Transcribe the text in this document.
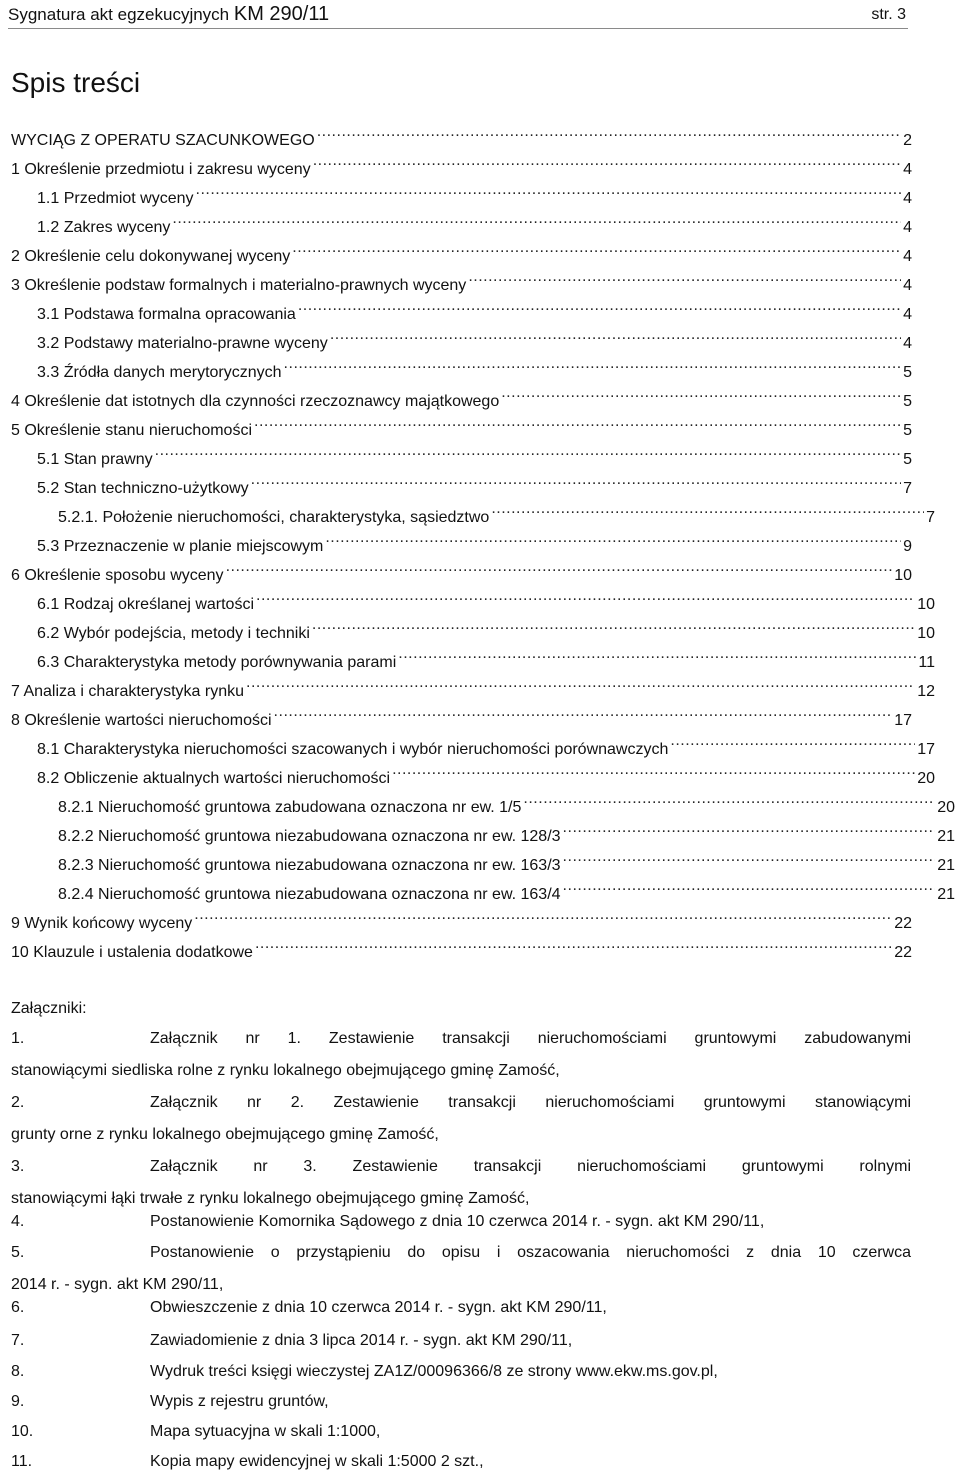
Sygnatura akt egzekucyjnych KM 290/11	str. 3
Spis treści
WYCIĄG Z OPERATU SZACUNKOWEGO .....	2
1 Określenie przedmiotu i zakresu wyceny .....	4
1.1 Przedmiot wyceny .....	4
1.2 Zakres wyceny .....	4
2 Określenie celu dokonywanej wyceny .....	4
3 Określenie podstaw formalnych i materialno-prawnych wyceny .....	4
3.1 Podstawa formalna opracowania .....	4
3.2 Podstawy materialno-prawne wyceny .....	4
3.3 Źródła danych merytorycznych .....	5
4 Określenie dat istotnych dla czynności rzeczoznawcy majątkowego .....	5
5 Określenie stanu nieruchomości .....	5
5.1 Stan prawny .....	5
5.2 Stan techniczno-użytkowy .....	7
5.2.1. Położenie nieruchomości, charakterystyka, sąsiedztwo .....	7
5.3 Przeznaczenie w planie miejscowym .....	9
6 Określenie sposobu wyceny .....	10
6.1 Rodzaj określanej wartości .....	10
6.2 Wybór podejścia, metody i techniki .....	10
6.3 Charakterystyka metody porównywania parami .....	11
7 Analiza i charakterystyka rynku .....	12
8 Określenie wartości nieruchomości .....	17
8.1 Charakterystyka nieruchomości szacowanych i wybór nieruchomości porównawczych .....	17
8.2 Obliczenie aktualnych wartości nieruchomości .....	20
8.2.1 Nieruchomość gruntowa zabudowana oznaczona nr ew. 1/5 .....	20
8.2.2 Nieruchomość gruntowa niezabudowana oznaczona nr ew. 128/3 .....	21
8.2.3 Nieruchomość gruntowa niezabudowana oznaczona nr ew. 163/3 .....	21
8.2.4 Nieruchomość gruntowa niezabudowana oznaczona nr ew. 163/4 .....	21
9 Wynik końcowy wyceny .....	22
10 Klauzule i ustalenia dodatkowe .....	22
Załączniki:
1.	Załącznik nr 1. Zestawienie transakcji nieruchomościami gruntowymi zabudowanymi
stanowiącymi siedliska rolne z rynku lokalnego obejmującego gminę Zamość,
2.	Załącznik nr 2. Zestawienie transakcji nieruchomościami gruntowymi stanowiącymi
grunty orne z rynku lokalnego obejmującego gminę Zamość,
3.	Załącznik nr 3. Zestawienie transakcji nieruchomościami gruntowymi rolnymi
stanowiącymi łąki trwałe z rynku lokalnego obejmującego gminę Zamość,
4.	Postanowienie Komornika Sądowego z dnia 10 czerwca 2014 r. - sygn. akt KM 290/11,
5.	Postanowienie o przystąpieniu do opisu i oszacowania nieruchomości z dnia 10 czerwca
2014 r. - sygn. akt KM 290/11,
6.	Obwieszczenie z dnia 10 czerwca 2014 r. - sygn. akt KM 290/11,
7.	Zawiadomienie z dnia 3 lipca 2014 r. - sygn. akt KM 290/11,
8.	Wydruk treści księgi wieczystej ZA1Z/00096366/8 ze strony www.ekw.ms.gov.pl,
9.	Wypis z rejestru gruntów,
10.	Mapa sytuacyjna w skali 1:1000,
11.	Kopia mapy ewidencyjnej w skali 1:5000 2 szt.,
